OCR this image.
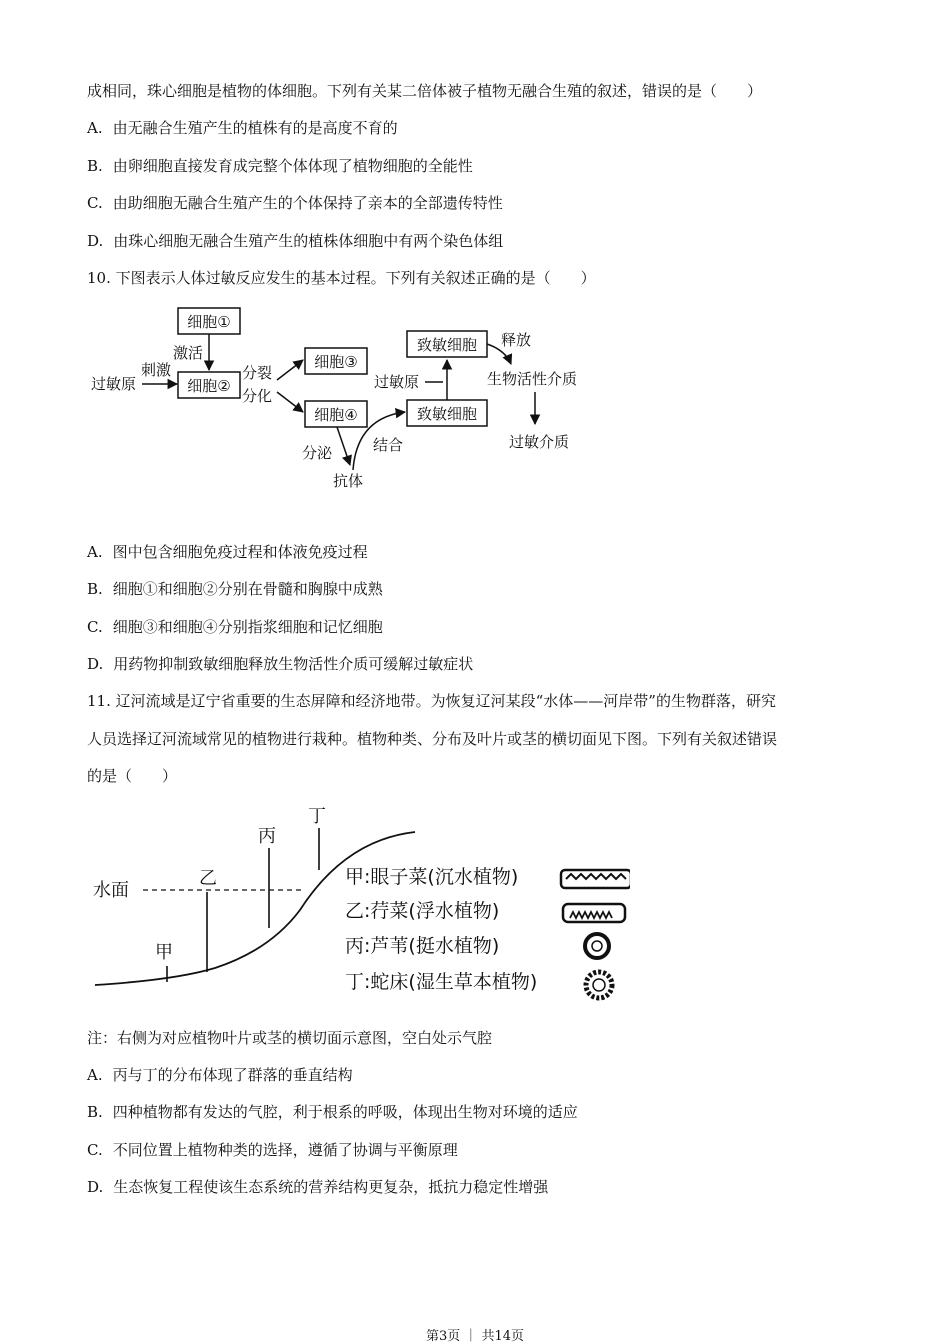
成相同，珠心细胞是植物的体细胞。下列有关某二倍体被子植物无融合生殖的叙述，错误的是（　　）
A. 由无融合生殖产生的植株有的是高度不育的
B. 由卵细胞直接发育成完整个体体现了植物细胞的全能性
C. 由助细胞无融合生殖产生的个体保持了亲本的全部遗传特性
D. 由珠心细胞无融合生殖产生的植株体细胞中有两个染色体组
10. 下图表示人体过敏反应发生的基本过程。下列有关叙述正确的是（　　）
细胞①
激活
过敏原
刺激
细胞②
分裂
分化
细胞③
细胞④
分泌
抗体
结合
致敏细胞
过敏原
致敏细胞 释放
生物活性介质
过敏介质
A. 图中包含细胞免疫过程和体液免疫过程
B. 细胞①和细胞②分别在骨髓和胸腺中成熟
C. 细胞③和细胞④分别指浆细胞和记忆细胞
D. 用药物抑制致敏细胞释放生物活性介质可缓解过敏症状
11. 辽河流域是辽宁省重要的生态屏障和经济地带。为恢复辽河某段“水体——河岸带”的生物群落，研究
人员选择辽河流域常见的植物进行栽种。植物种类、分布及叶片或茎的横切面见下图。下列有关叙述错误
的是（　　）
水面
甲
乙
丙
丁
甲:眼子菜(沉水植物)
乙:荇菜(浮水植物)
丙:芦苇(挺水植物)
丁:蛇床(湿生草本植物)
注：右侧为对应植物叶片或茎的横切面示意图，空白处示气腔
A. 丙与丁的分布体现了群落的垂直结构
B. 四种植物都有发达的气腔，利于根系的呼吸，体现出生物对环境的适应
C. 不同位置上植物种类的选择，遵循了协调与平衡原理
D. 生态恢复工程使该生态系统的营养结构更复杂，抵抗力稳定性增强
第3页 ｜ 共14页
